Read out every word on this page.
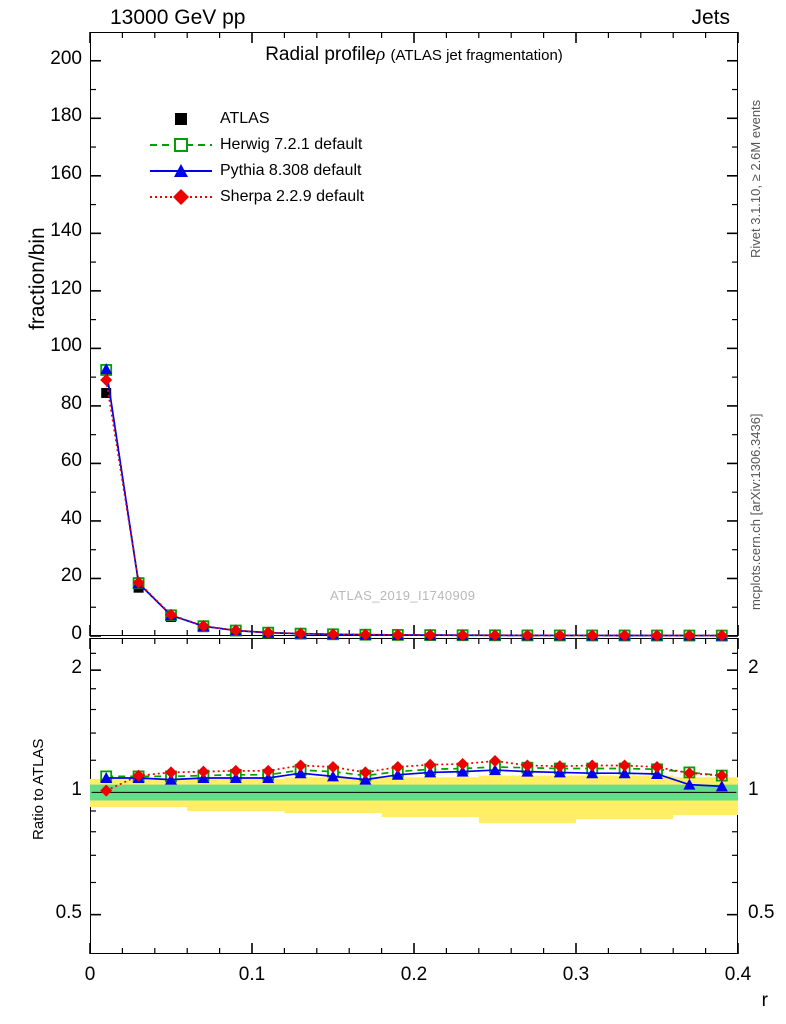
13000 GeV pp	Jets
Radial profileρ (ATLAS jet fragmentation)
fraction/bin
Ratio to ATLAS
r
Rivet 3.1.10, ≥ 2.6M events
mcplots.cern.ch [arXiv:1306.3436]
ATLAS_2019_I1740909
ATLAS
Herwig 7.2.1 default
Pythia 8.308 default
Sherpa 2.2.9 default
0
20
40
60
80
100
120
140
160
180
200
0.5	0.5
1	1
2	2
0	0.1	0.2	0.3	0.4
